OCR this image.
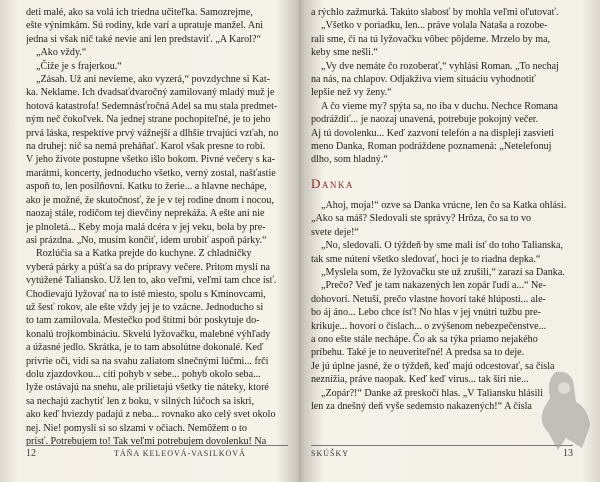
deti malé, ako sa volá ich triedna učiteľka. Samozrejme,

ešte výnimkám. Sú rodiny, kde varí a upratuje manžel. Ani

jedna si však nič také nevie ani len predstaviť. „A Karol?“

„Ako vždy.“

„Čiže je s frajerkou.“

„Zásah. Už ani nevieme, ako vyzerá,“ povzdychne si Kat-

ka. Neklame. Ich dvadsaťdvaročný zamilovaný mladý muž je

hotová katastrofa! Sedemnásťročná Adel sa mu stala predmet-

ným neč čokoľvek. Na jednej strane pochopiteľné, je to jeho

prvá láska, respektíve prvý vážnejší a dlhšie trvajúci vzťah, no

na druhej: nič sa nemá preháňať. Karol však presne to robí.

V jeho živote postupne všetko išlo bokom. Pivné večery s ka-

marátmi, koncerty, jednoducho všetko, verný zostal, našťastie

aspoň to, len posilňovni. Katku to žerie... a hlavne nechápe,

ako je možné, že skutočnosť, že je v tej rodine dnom i nocou,

naozaj stále, rodičom tej dievčiny neprekáža. A ešte ani nie

je plnoletá... Keby moja malá dcéra v jej veku, bola by pre-

asi prázdna. „No, musím končiť, idem urobiť aspoň párky.“

Rozlúčia sa a Katka prejde do kuchyne. Z chladničky

vyberá párky a púšťa sa do prípravy večere. Pritom myslí na

vytúžené Taliansko. Už len to, ako veľmi, veľmi tam chce ísť.

Chodievajú lyžovať na to isté miesto, spolu s Kmínovcami,

už šesť rokov, ale ešte vždy jej je to vzácne. Jednoducho si

to tam zamilovala. Mestečko pod štítmi bór poskytuje do-

konalú trojkombináciu. Skvelú lyžovačku, malebné výhľady

a úžasné jedlo. Skrátka, je to tam absolútne dokonalé. Keď

privrie oči, vidí sa na svahu zaliatom slnečnými lúčmi... frčí

dolu zjazdovkou... cíti pohyb v sebe... pohyb okolo seba...

lyže ostávajú na snehu, ale prilietajú všetky tie náteky, ktoré

sa nechajú zachytiť len z boku, v silných lúčoch sa iskri,

ako keď hviezdy padajú z neba... rovnako ako celý svet okolo

nej. Nie! pomyslí si so slzami v očiach. Nemôžem o to

prísť. Potrebujem to! Tak veľmi potrebujem dovolenku! Na

12	TÁŇA KELEOVÁ-VASILKOVÁ

a rýchlo zažmurká. Takúto slabosť by mohla veľmi oľutovať.

„Všetko v poriadku, len... práve volala Nataša a rozobe-

rali sme, či na tú lyžovačku vôbec pôjdeme. Mrzelo by ma,

keby sme nešli.“

„Vy dve nemáte čo rozoberať,“ vyhlási Roman. „To nechaj

na nás, na chlapov. Odjakživa viem situáciu vyhodnotiť

lepšie než vy ženy.“

A čo vieme my? spýta sa, no iba v duchu. Nechce Romana

podráždiť... je naozaj unavená, potrebuje pokojný večer.

Aj tú dovolenku... Keď zazvoní telefón a na displeji zasvieti

meno Danka, Roman podráždene poznamená: „Netelefonuj

dlho, som hladný.“

Danka

„Ahoj, moja!“ ozve sa Danka vrúcne, len čo sa Katka ohlási.

„Ako sa máš? Sledovali ste správy? Hrôza, čo sa to vo

svete deje!“

„No, sledovali. O týždeň by sme mali ísť do toho Talianska,

tak sme nútení všetko sledovať, hoci je to riadna depka.“

„Myslela som, že lyžovačku ste už zrušili,“ zarazí sa Danka.

„Prečo? Veď je tam nakazených len zopár ľudí a...“ Ne-

dohovorí. Netuší, prečo vlastne hovorí také hlúposti... ale-

bo áj áno... Lebo chce ísť! No hlas v jej vnútri tužbu pre-

krikuje... hovorí o číslach... o zvýšenom nebezpečenstve...

a ono ešte stále nechápe. Čo ak sa týka priamo nejakého

príbehu. Také je to neuveriteľné! A predsa sa to deje.

Je jú úplne jasné, že o týždeň, keď majú odcestovať, sa čísla

neznížia, práve naopak. Keď keď virus... tak šíri nie...

„Zopár?!“ Danke až preskočí hlas. „V Taliansku hlásili

len za dnešný deň vyše sedemsto nakazených!“ A čísla

SKÚŠKY	13
